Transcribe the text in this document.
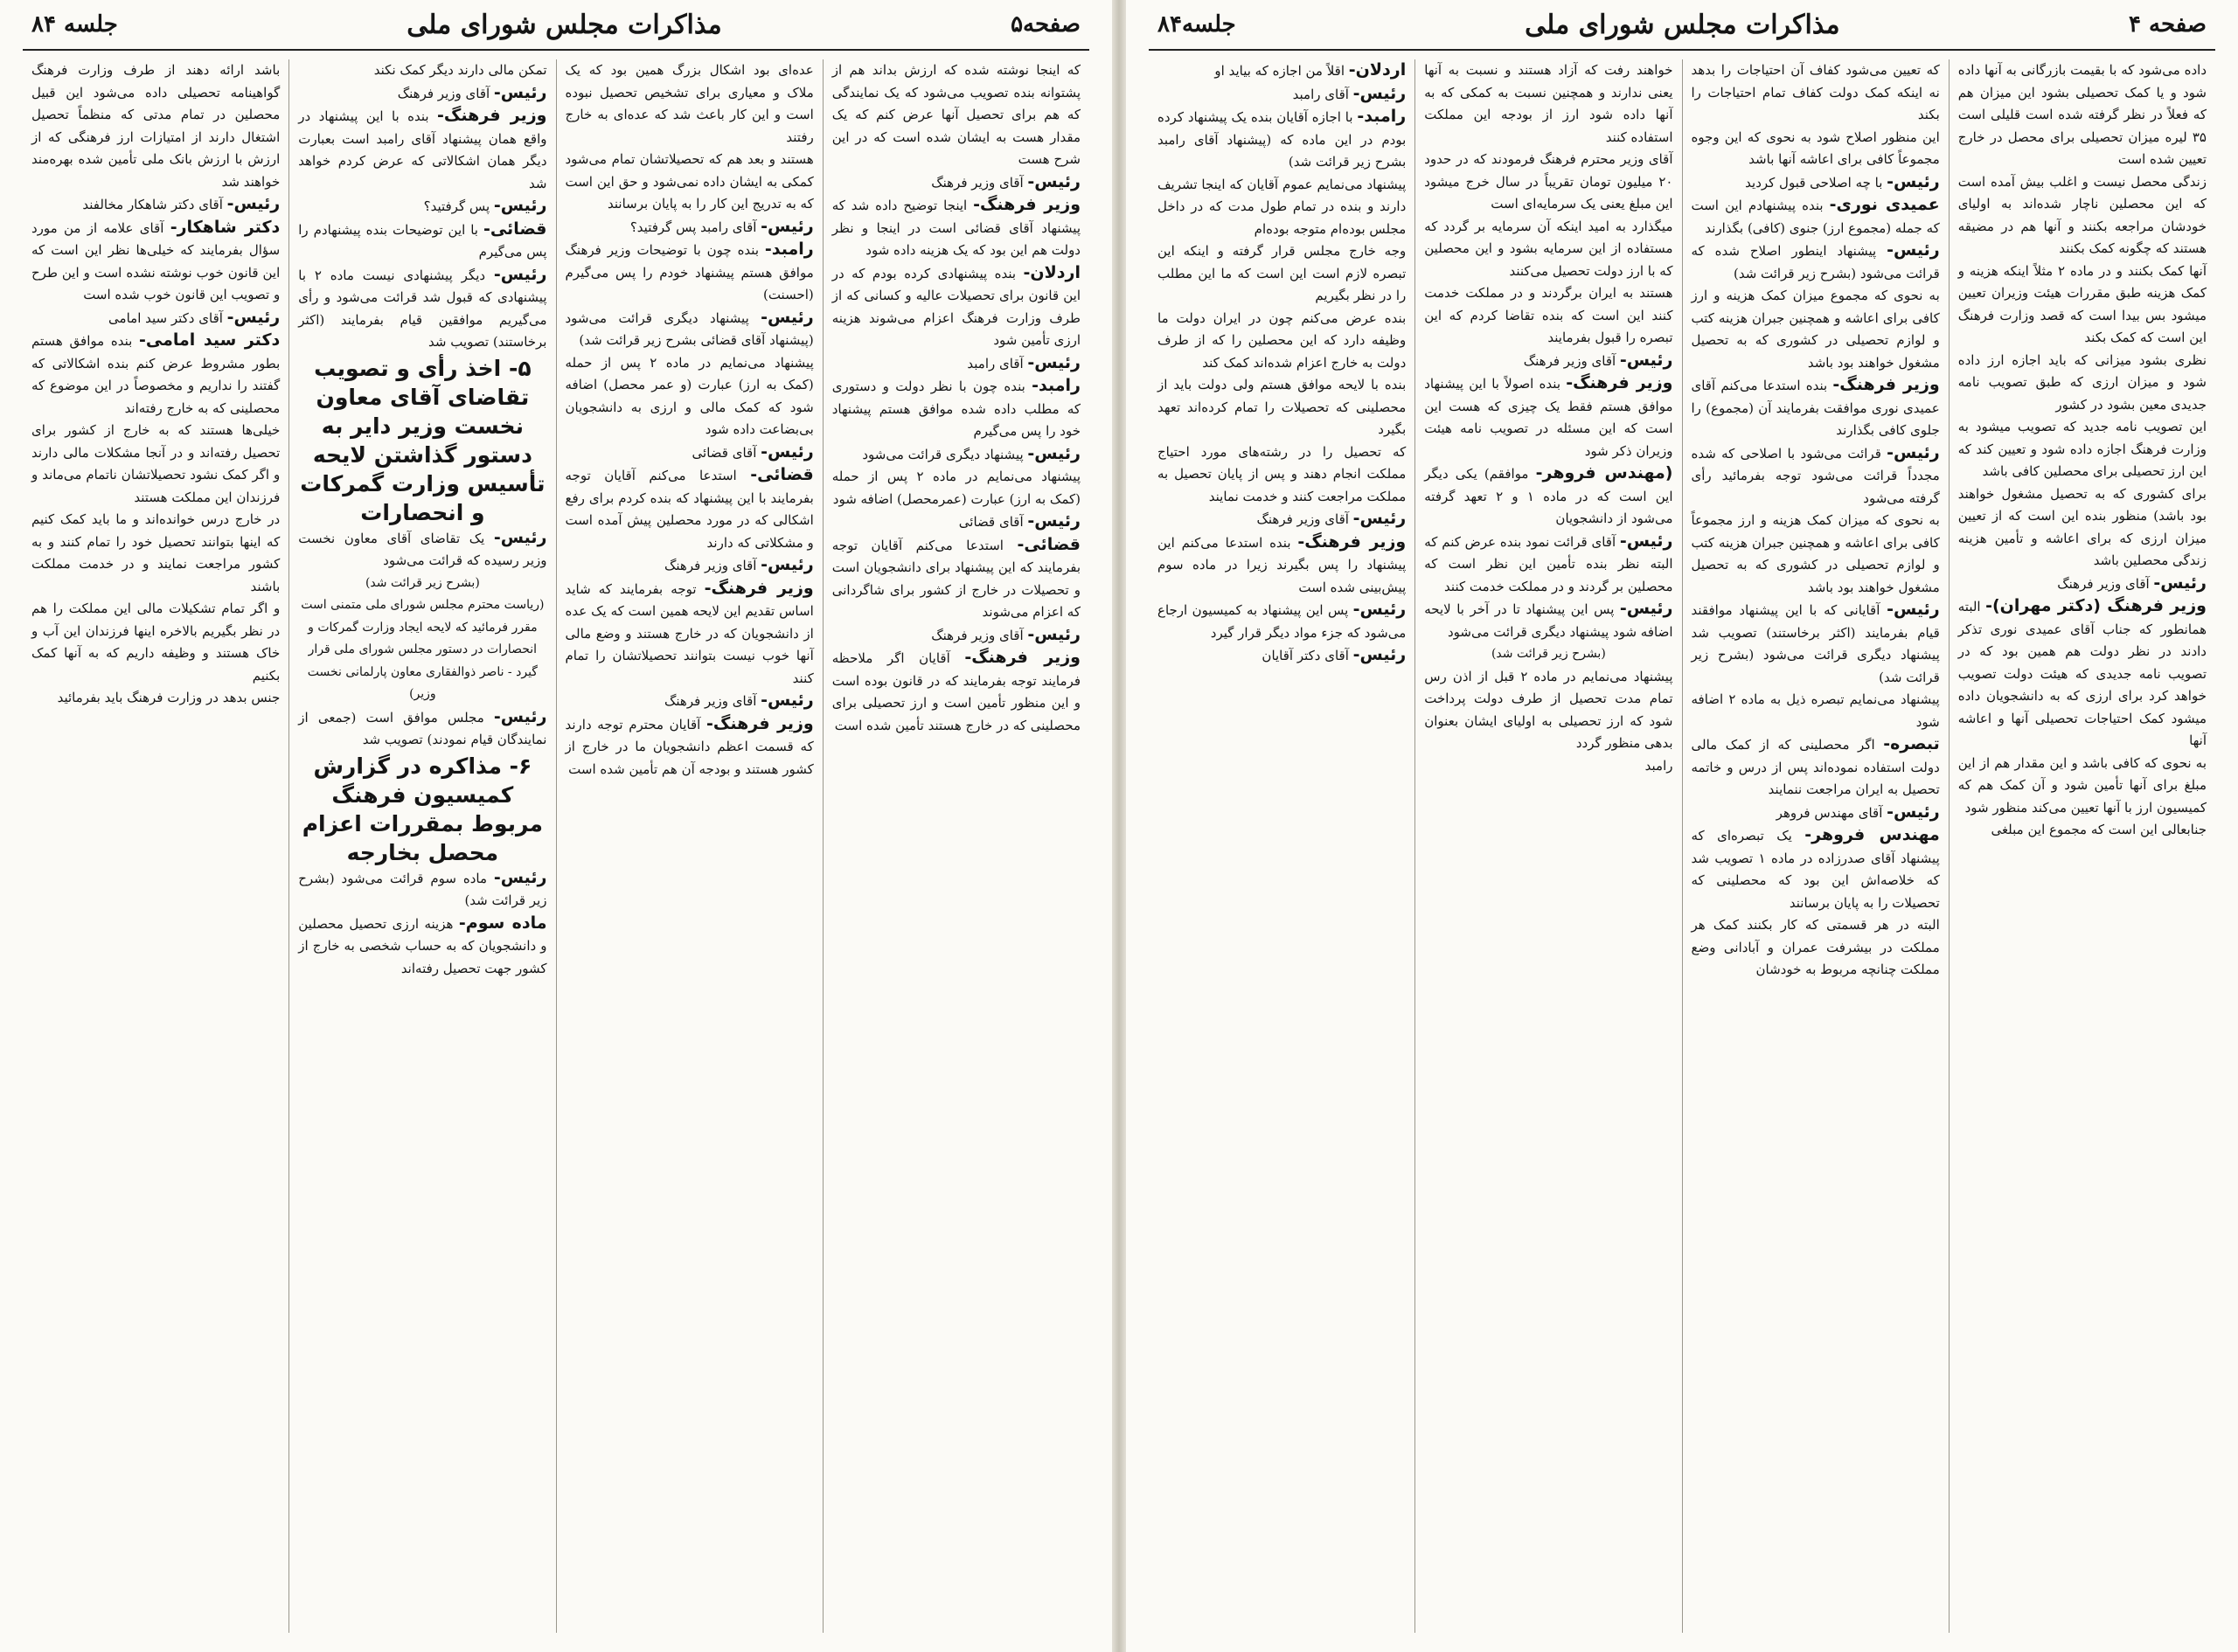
صفحه۵
مذاکرات مجلس شورای ملی
جلسه ۸۴

که اینجا نوشته شده که ارزش بداند هم از پشتوانه بنده تصویب می‌شود که یک نمایندگی که هم برای تحصیل آنها عرض کنم که یک مقدار هست به ایشان شده است که در این شرح هست

رئیس- آقای وزیر فرهنگ

وزیر فرهنگ- اینجا توضیح داده شد که پیشنهاد آقای قضائی است در اینجا و نظر دولت هم این بود که یک هزینه داده شود

اردلان- بنده پیشنهادی کرده بودم که در این قانون برای تحصیلات عالیه و کسانی که از طرف وزارت فرهنگ اعزام می‌شوند هزینه ارزی تأمین شود

رئیس- آقای رامبد

رامبد- بنده چون با نظر دولت و دستوری که مطلب داده شده موافق هستم پیشنهاد خود را پس می‌گیرم

رئیس- پیشنهاد دیگری قرائت می‌شود

پیشنهاد می‌نمایم در ماده ۲ پس از حمله (کمک به ارز) عبارت (عمرمحصل) اضافه شود

رئیس- آقای قضائی

قضائی- استدعا می‌کنم آقایان توجه بفرمایند که این پیشنهاد برای دانشجویان است و تحصیلات در خارج از کشور برای شاگردانی که اعزام می‌شوند

رئیس- آقای وزیر فرهنگ

وزیر فرهنگ- آقایان اگر ملاحظه فرمایند توجه بفرمایند که در قانون بوده است و این منظور تأمین است و ارز تحصیلی برای محصلینی که در خارج هستند تأمین شده است

عده‌ای بود اشکال بزرگ همین بود که یک ملاک و معیاری برای تشخیص تحصیل نبوده است و این کار باعث شد که عده‌ای به خارج رفتند

هستند و بعد هم که تحصیلاتشان تمام می‌شود کمکی به ایشان داده نمی‌شود و حق این است که به تدریج این کار را به پایان برسانند

رئیس- آقای رامبد پس گرفتید؟

رامبد- بنده چون با توضیحات وزیر فرهنگ موافق هستم پیشنهاد خودم را پس می‌گیرم (احسنت)

رئیس- پیشنهاد دیگری قرائت می‌شود (پیشنهاد آقای قضائی بشرح زیر قرائت شد)

پیشنهاد می‌نمایم در ماده ۲ پس از حمله (کمک به ارز) عبارت (و عمر محصل) اضافه شود که کمک مالی و ارزی به دانشجویان بی‌بضاعت داده شود

رئیس- آقای قضائی

قضائی- استدعا می‌کنم آقایان توجه بفرمایند با این پیشنهاد که بنده کردم برای رفع اشکالی که در مورد محصلین پیش آمده است و مشکلاتی که دارند

رئیس- آقای وزیر فرهنگ

وزیر فرهنگ- توجه بفرمایند که شاید اساس تقدیم این لایحه همین است که یک عده از دانشجویان که در خارج هستند و وضع مالی آنها خوب نیست بتوانند تحصیلاتشان را تمام کنند

رئیس- آقای وزیر فرهنگ

وزیر فرهنگ- آقایان محترم توجه دارند که قسمت اعظم دانشجویان ما در خارج از کشور هستند و بودجه آن هم تأمین شده است

تمکن مالی دارند دیگر کمک نکند

رئیس- آقای وزیر فرهنگ

وزیر فرهنگ- بنده با این پیشنهاد در واقع همان پیشنهاد آقای رامبد است بعبارت دیگر همان اشکالاتی که عرض کردم خواهد شد

رئیس- پس گرفتید؟

قضائی- با این توضیحات بنده پیشنهادم را پس می‌گیرم

رئیس- دیگر پیشنهادی نیست ماده ۲ با پیشنهادی که قبول شد قرائت می‌شود و رأی می‌گیریم موافقین قیام بفرمایند (اکثر برخاستند) تصویب شد

۵- اخذ رأی و تصویب تقاضای آقای معاون نخست وزیر دایر به دستور گذاشتن لایحه تأسیس وزارت گمرکات و انحصارات

رئیس- یک تقاضای آقای معاون نخست وزیر رسیده که قرائت می‌شود

(بشرح زیر قرائت شد)

(ریاست محترم مجلس شورای ملی متمنی است مقرر فرمائید که لایحه ایجاد وزارت گمرکات و انحصارات در دستور مجلس شورای ملی قرار گیرد - ناصر ذوالفقاری معاون پارلمانی نخست وزیر)

رئیس- مجلس موافق است (جمعی از نمایندگان قیام نمودند) تصویب شد

۶- مذاکره در گزارش کمیسیون فرهنگ مربوط بمقررات اعزام محصل بخارجه

رئیس- ماده سوم قرائت می‌شود (بشرح زیر قرائت شد)

ماده سوم- هزینه ارزی تحصیل محصلین و دانشجویان که به حساب شخصی به خارج از کشور جهت تحصیل رفته‌اند

باشد ارائه دهند از طرف وزارت فرهنگ گواهینامه تحصیلی داده می‌شود این قبیل محصلین در تمام مدتی که منظماً تحصیل اشتغال دارند از امتیازات ارز فرهنگی که از ارزش با ارزش بانک ملی تأمین شده بهره‌مند خواهند شد

رئیس- آقای دکتر شاهکار مخالفند

دکتر شاهکار- آقای علامه از من مورد سؤال بفرمایند که خیلی‌ها نظر این است که این قانون خوب نوشته نشده است و این طرح و تصویب این قانون خوب شده است

رئیس- آقای دکتر سید امامی

دکتر سید امامی- بنده موافق هستم بطور مشروط عرض کنم بنده اشکالاتی که گفتند را نداریم و مخصوصاً در این موضوع که محصلینی که به خارج رفته‌اند

خیلی‌ها هستند که به خارج از کشور برای تحصیل رفته‌اند و در آنجا مشکلات مالی دارند و اگر کمک نشود تحصیلاتشان ناتمام می‌ماند و فرزندان این مملکت هستند

در خارج درس خوانده‌اند و ما باید کمک کنیم که اینها بتوانند تحصیل خود را تمام کنند و به کشور مراجعت نمایند و در خدمت مملکت باشند

و اگر تمام تشکیلات مالی این مملکت را هم در نظر بگیریم بالاخره اینها فرزندان این آب و خاک هستند و وظیفه داریم که به آنها کمک بکنیم

جنس بدهد در وزارت فرهنگ باید بفرمائید

صفحه ۴
مذاکرات مجلس شورای ملی
جلسه۸۴

داده می‌شود که با بقیمت بازرگانی به آنها داده شود و یا کمک تحصیلی بشود این میزان هم که فعلاً در نظر گرفته شده است قلیلی است ۳۵ لیره میزان تحصیلی برای محصل در خارج تعیین شده است

زندگی محصل نیست و اغلب بیش آمده است که این محصلین ناچار شده‌اند به اولیای خودشان مراجعه بکنند و آنها هم در مضیقه هستند که چگونه کمک بکنند

آنها کمک بکنند و در ماده ۲ مثلاً اینکه هزینه و کمک هزینه طبق مقررات هیئت وزیران تعیین میشود بس بیدا است که قصد وزارت فرهنگ این است که کمک بکند

نظری بشود میزانی که باید اجازه ارز داده شود و میزان ارزی که طبق تصویب نامه جدیدی معین بشود در کشور

این تصویب نامه جدید که تصویب میشود به وزارت فرهنگ اجازه داده شود و تعیین کند که این ارز تحصیلی برای محصلین کافی باشد

برای کشوری که به تحصیل مشغول خواهند بود باشد) منظور بنده این است که از تعیین میزان ارزی که برای اعاشه و تأمین هزینه زندگی محصلین باشد

رئیس- آقای وزیر فرهنگ

وزیر فرهنگ (دکتر مهران)- البته همانطور که جناب آقای عمیدی نوری تذکر دادند در نظر دولت هم همین بود که در تصویب نامه جدیدی که هیئت دولت تصویب خواهد کرد برای ارزی که به دانشجویان داده میشود کمک احتیاجات تحصیلی آنها و اعاشه آنها

به نحوی که کافی باشد و این مقدار هم از این مبلغ برای آنها تأمین شود و آن کمک هم که کمیسیون ارز با آنها تعیین می‌کند منظور شود

جنابعالی این است که مجموع این مبلغی

که تعیین می‌شود کفاف آن احتیاجات را بدهد نه اینکه کمک دولت کفاف تمام احتیاجات را بکند

این منظور اصلاح شود به نحوی که این وجوه مجموعاً کافی برای اعاشه آنها باشد

رئیس- با چه اصلاحی قبول کردید

عمیدی نوری- بنده پیشنهادم این است که جمله (مجموع ارز) جنوی (کافی) بگذارند

رئیس- پیشنهاد اینطور اصلاح شده که قرائت می‌شود (بشرح زیر قرائت شد)

به نحوی که مجموع میزان کمک هزینه و ارز کافی برای اعاشه و همچنین جبران هزینه کتب و لوازم تحصیلی در کشوری که به تحصیل مشغول خواهند بود باشد

وزیر فرهنگ- بنده استدعا می‌کنم آقای عمیدی نوری موافقت بفرمایند آن (مجموع) را جلوی کافی بگذارند

رئیس- قرائت می‌شود با اصلاحی که شده مجدداً قرائت می‌شود توجه بفرمائید رأی گرفته می‌شود

به نحوی که میزان کمک هزینه و ارز مجموعاً کافی برای اعاشه و همچنین جبران هزینه کتب و لوازم تحصیلی در کشوری که به تحصیل مشغول خواهند بود باشد

رئیس- آقایانی که با این پیشنهاد موافقند قیام بفرمایند (اکثر برخاستند) تصویب شد پیشنهاد دیگری قرائت می‌شود (بشرح زیر قرائت شد)

پیشنهاد می‌نمایم تبصره ذیل به ماده ۲ اضافه شود

تبصره- اگر محصلینی که از کمک مالی دولت استفاده نموده‌اند پس از درس و خاتمه تحصیل به ایران مراجعت ننمایند

رئیس- آقای مهندس فروهر

مهندس فروهر- یک تبصره‌ای که پیشنهاد آقای صدرزاده در ماده ۱ تصویب شد که خلاصه‌اش این بود که محصلینی که تحصیلات را به پایان برسانند

البته در هر قسمتی که کار بکنند کمک هر مملکت در بیشرفت عمران و آبادانی وضع مملکت چنانچه مربوط به خودشان

خواهند رفت که آزاد هستند و نسبت به آنها یعنی ندارند و همچنین نسبت به کمکی که به آنها داده شود ارز از بودجه این مملکت استفاده کنند

آقای وزیر محترم فرهنگ فرمودند که در حدود ۲۰ میلیون تومان تقریباً در سال خرج میشود این مبلغ یعنی یک سرمایه‌ای است

میگذارد به امید اینکه آن سرمایه بر گردد که مستفاده از این سرمایه بشود و این محصلین که با ارز دولت تحصیل می‌کنند

هستند به ایران برگردند و در مملکت خدمت کنند این است که بنده تقاضا کردم که این تبصره را قبول بفرمایند

رئیس- آقای وزیر فرهنگ

وزیر فرهنگ- بنده اصولاً با این پیشنهاد موافق هستم فقط یک چیزی که هست این است که این مسئله در تصویب نامه هیئت وزیران ذکر شود

(مهندس فروهر- موافقم) یکی دیگر این است که در ماده ۱ و ۲ تعهد گرفته می‌شود از دانشجویان

رئیس- آقای قرائت نمود بنده عرض کنم که البته نظر بنده تأمین این نظر است که محصلین بر گردند و در مملکت خدمت کنند

رئیس- پس این پیشنهاد تا در آخر با لایحه اضافه شود پیشنهاد دیگری قرائت می‌شود

(بشرح زیر قرائت شد)

پیشنهاد می‌نمایم در ماده ۲ قبل از اذن رس تمام مدت تحصیل از طرف دولت پرداخت شود که ارز تحصیلی به اولیای ایشان بعنوان بدهی منظور گردد

رامبد

اردلان- اقلاً من اجازه که بیاید او

رئیس- آقای رامبد

رامبد- با اجازه آقایان بنده یک پیشنهاد کرده بودم در این ماده که (پیشنهاد آقای رامبد بشرح زیر قرائت شد)

پیشنهاد می‌نمایم عموم آقایان که اینجا تشریف دارند و بنده در تمام طول مدت که در داخل مجلس بوده‌ام متوجه بوده‌ام

وجه خارج مجلس قرار گرفته و اینکه این تبصره لازم است این است که ما این مطلب را در نظر بگیریم

بنده عرض می‌کنم چون در ایران دولت ما وظیفه دارد که این محصلین را که از طرف دولت به خارج اعزام شده‌اند کمک کند

بنده با لایحه موافق هستم ولی دولت باید از محصلینی که تحصیلات را تمام کرده‌اند تعهد بگیرد

که تحصیل را در رشته‌های مورد احتیاج مملکت انجام دهند و پس از پایان تحصیل به مملکت مراجعت کنند و خدمت نمایند

رئیس- آقای وزیر فرهنگ

وزیر فرهنگ- بنده استدعا می‌کنم این پیشنهاد را پس بگیرند زیرا در ماده سوم پیش‌بینی شده است

رئیس- پس این پیشنهاد به کمیسیون ارجاع می‌شود که جزء مواد دیگر قرار گیرد

رئیس- آقای دکتر آقایان
